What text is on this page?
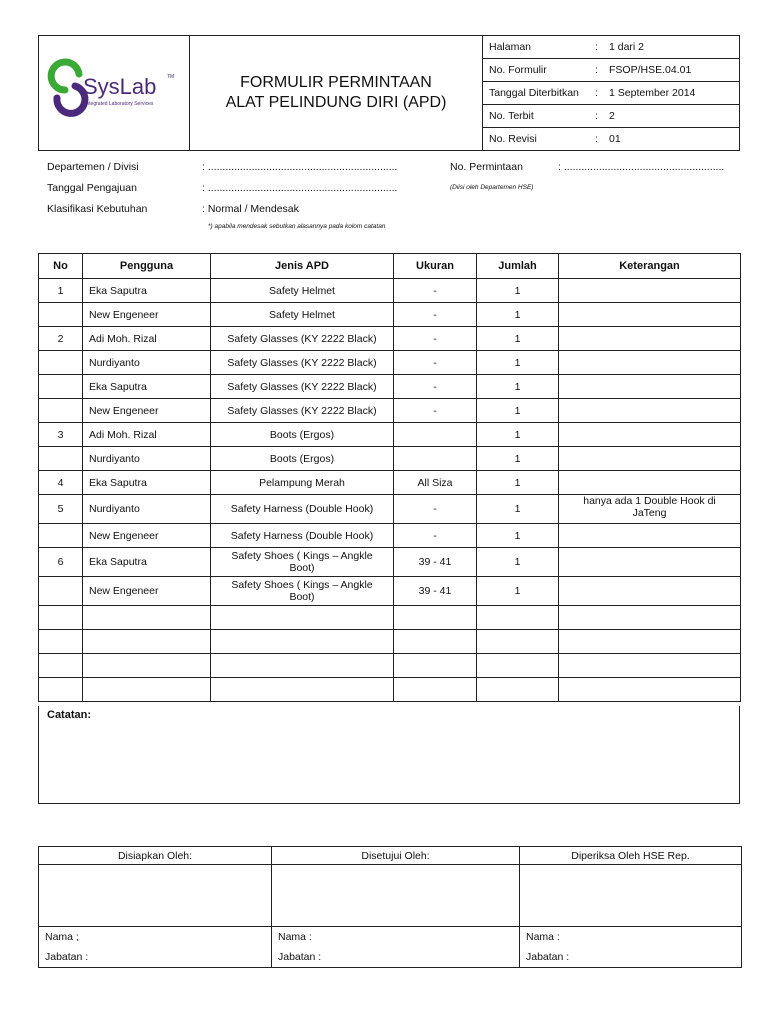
SysLab TM
Integrated Laboratory Services

FORMULIR PERMINTAAN
ALAT PELINDUNG DIRI (APD)

Halaman	:	1 dari 2
No. Formulir	:	FSOP/HSE.04.01
Tanggal Diterbitkan	:	1 September 2014
No. Terbit	:	2
No. Revisi	:	01
Departemen / Divisi	: .................................................................
Tanggal Pengajuan	: .................................................................
Klasifikasi Kebutuhan	: Normal / Mendesak
*) apabila mendesak sebutkan alasannya pada kolom catatan
No. Permintaan	: .......................................................
(Diisi oleh Departemen HSE)
No	Pengguna	Jenis APD	Ukuran	Jumlah	Keterangan
1	Eka Saputra	Safety Helmet	-	1	
	New Engeneer	Safety Helmet	-	1	
2	Adi Moh. Rizal	Safety Glasses (KY 2222 Black)	-	1	
	Nurdiyanto	Safety Glasses (KY 2222 Black)	-	1	
	Eka Saputra	Safety Glasses (KY 2222 Black)	-	1	
	New Engeneer	Safety Glasses (KY 2222 Black)	-	1	
3	Adi Moh. Rizal	Boots (Ergos)		1	
	Nurdiyanto	Boots (Ergos)		1	
4	Eka Saputra	Pelampung Merah	All Siza	1	
5	Nurdiyanto	Safety Harness (Double Hook)	-	1	hanya ada 1 Double Hook di JaTeng
	New Engeneer	Safety Harness (Double Hook)	-	1	
6	Eka Saputra	Safety Shoes ( Kings – Angkle Boot)	39 - 41	1	
	New Engeneer	Safety Shoes ( Kings – Angkle Boot)	39 - 41	1	

Catatan:
Disiapkan Oleh:	Disetujui Oleh:	Diperiksa Oleh HSE Rep.

Nama ;	Nama :	Nama :
Jabatan :	Jabatan :	Jabatan :
